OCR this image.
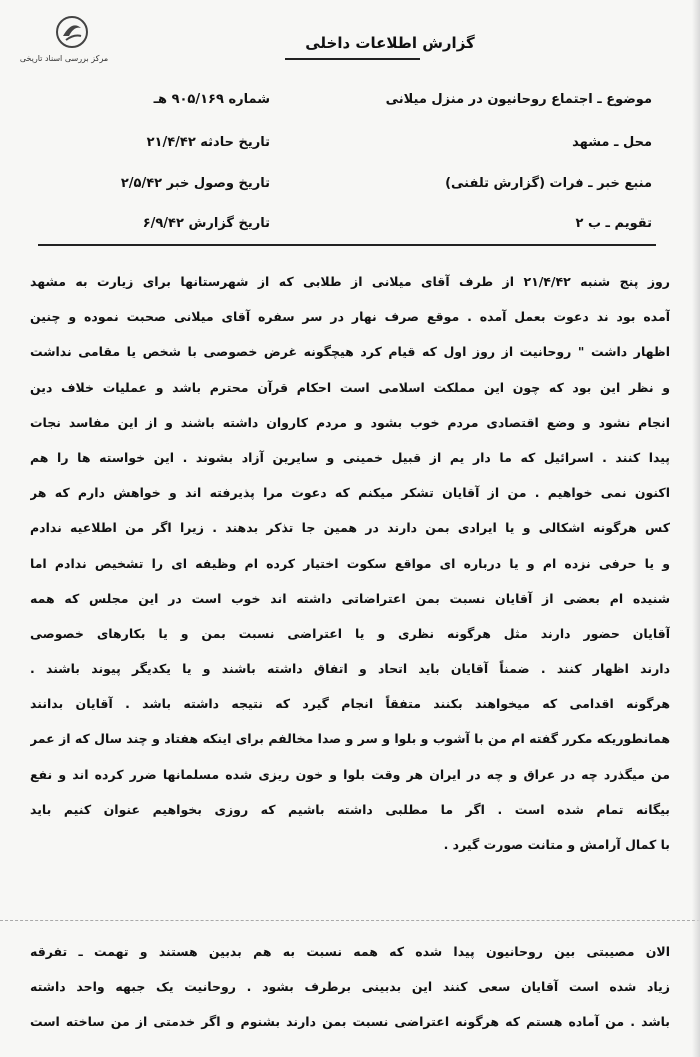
مرکز بررسی اسناد تاریخی
گزارش اطلاعات داخلی
موضوع ـ اجتماع روحانیون در منزل میلانی
شماره ۹۰۵/۱۶۹ هـ
محل ـ مشهد
تاریخ حادثه ۲۱/۴/۴۲
منبع خبر ـ فرات (گزارش تلفنی)
تاریخ وصول خبر ۲/۵/۴۲
تقویم ـ ب ۲
تاریخ گزارش ۶/۹/۴۲
روز پنج شنبه ۲۱/۴/۴۲ از طرف آقای میلانی از طلابی که از شهرستانها برای زیارت به مشهد
آمده بود ند دعوت بعمل آمده . موقع صرف نهار در سر سفره آقای میلانی صحبت نموده و چنین
اظهار داشت " روحانیت از روز اول که قیام کرد هیچگونه غرض خصوصی با شخص یا مقامی نداشت
و نظر این بود که چون این مملکت اسلامی است احکام قرآن محترم باشد و عملیات خلاف دین
انجام نشود و وضع اقتصادی مردم خوب بشود و مردم کاروان داشته باشند و از این مفاسد نجات
پیدا کنند . اسرائیل که ما دار یم از قبیل خمینی و سایرین آزاد بشوند . این خواسته ها را هم
اکنون نمی خواهیم . من از آقایان تشکر میکنم که دعوت مرا پذیرفته اند و خواهش دارم که هر
کس هرگونه اشکالی و یا ایرادی بمن دارند در همین جا تذکر بدهند . زیرا اگر من اطلاعیه ندادم
و یا حرفی نزده ام و یا درباره ای مواقع سکوت اختیار کرده ام وظیفه ای را تشخیص ندادم اما
شنیده ام بعضی از آقایان نسبت بمن اعتراضاتی داشته اند خوب است در این مجلس که همه
آقایان حضور دارند مثل هرگونه نظری و یا اعتراضی نسبت بمن و یا بکارهای خصوصی
دارند اظهار کنند . ضمناً آقایان باید اتحاد و اتفاق داشته باشند و یا یکدیگر پیوند باشند .
هرگونه اقدامی که میخواهند بکنند متفقاً انجام گیرد که نتیجه داشته باشد . آقایان بدانند
همانطوریکه مکرر گفته ام من با آشوب و بلوا و سر و صدا مخالفم برای اینکه هفتاد و چند سال که از عمر
من میگذرد چه در عراق و چه در ایران هر وقت بلوا و خون ریزی شده مسلمانها ضرر کرده اند و نفع
بیگانه تمام شده است . اگر ما مطلبی داشته باشیم که روزی بخواهیم عنوان کنیم باید
با کمال آرامش و متانت صورت گیرد .
الان مصیبتی بین روحانیون پیدا شده که همه نسبت به هم بدبین هستند و تهمت ـ تفرقه
زیاد شده است آقایان سعی کنند این بدبینی برطرف بشود . روحانیت یک جبهه واحد داشته
باشد . من آماده هستم که هرگونه اعتراضی نسبت بمن دارند بشنوم و اگر خدمتی از من ساخته است
